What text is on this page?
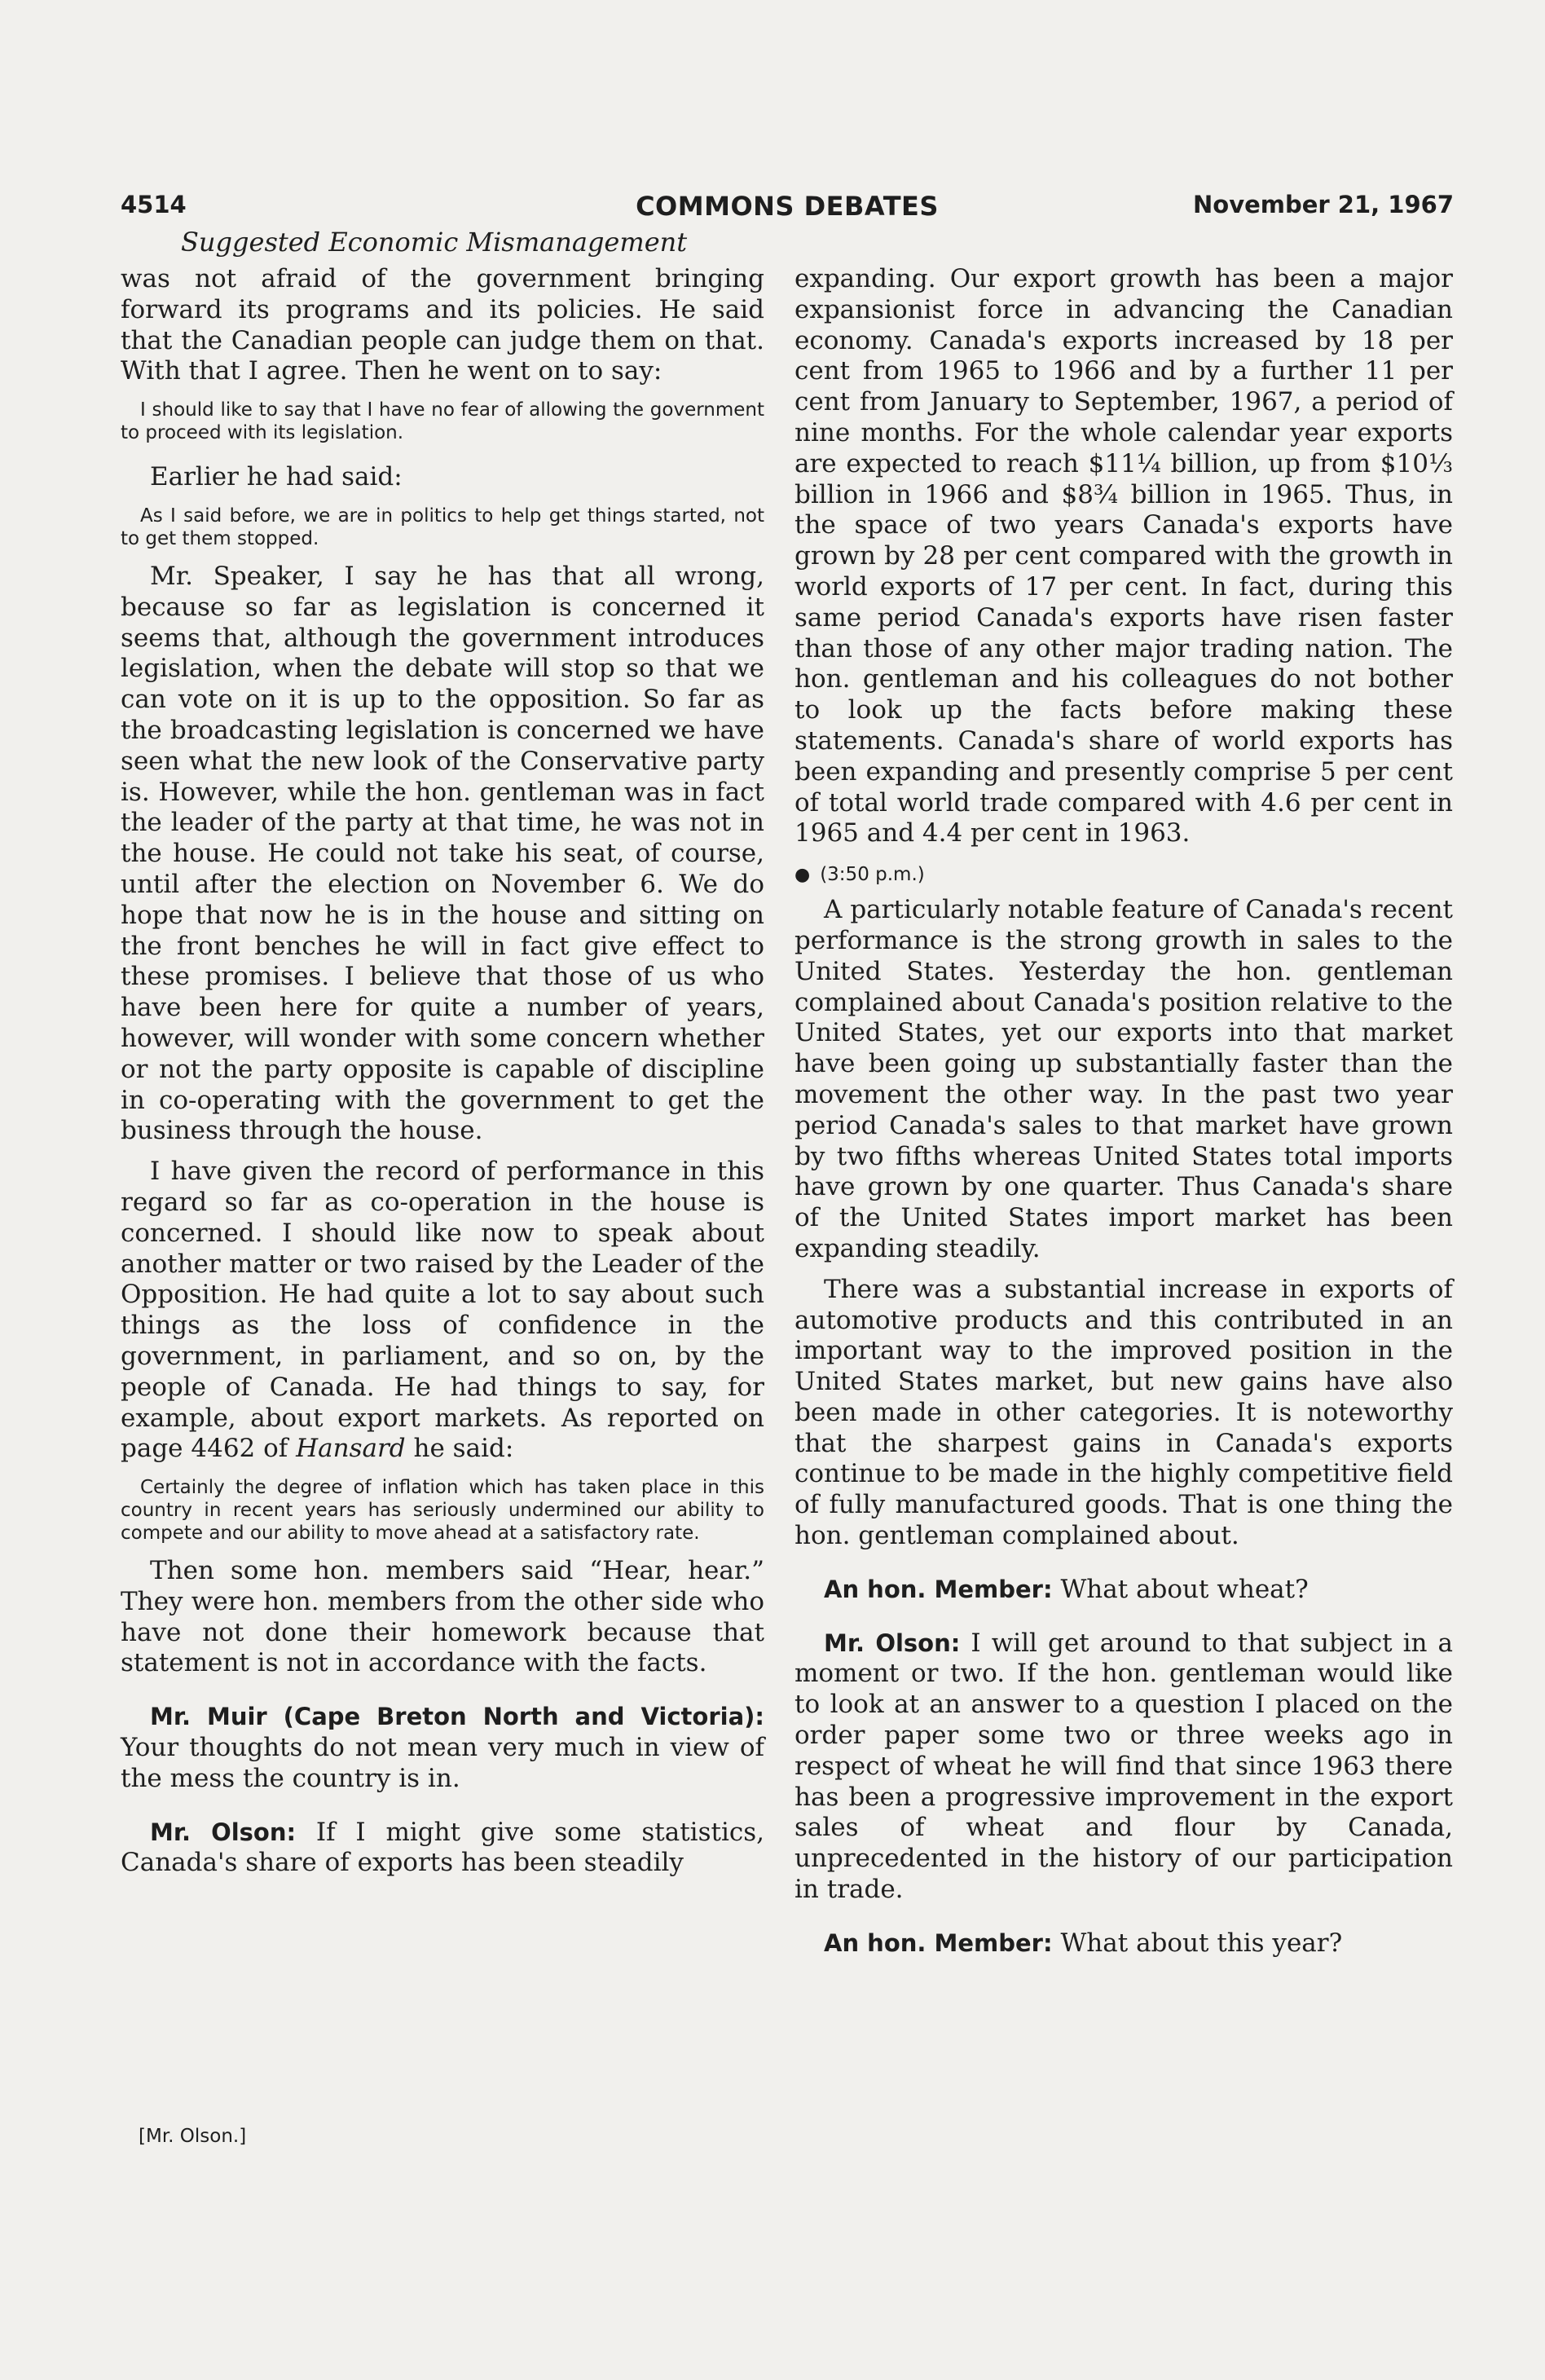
4514	COMMONS DEBATES	November 21, 1967
Suggested Economic Mismanagement

was not afraid of the government bringing forward its programs and its policies. He said that the Canadian people can judge them on that. With that I agree. Then he went on to say:

I should like to say that I have no fear of allowing the government to proceed with its legislation.

Earlier he had said:

As I said before, we are in politics to help get things started, not to get them stopped.

Mr. Speaker, I say he has that all wrong, because so far as legislation is concerned it seems that, although the government introduces legislation, when the debate will stop so that we can vote on it is up to the opposition. So far as the broadcasting legislation is concerned we have seen what the new look of the Conservative party is. However, while the hon. gentleman was in fact the leader of the party at that time, he was not in the house. He could not take his seat, of course, until after the election on November 6. We do hope that now he is in the house and sitting on the front benches he will in fact give effect to these promises. I believe that those of us who have been here for quite a number of years, however, will wonder with some concern whether or not the party opposite is capable of discipline in co-operating with the government to get the business through the house.

I have given the record of performance in this regard so far as co-operation in the house is concerned. I should like now to speak about another matter or two raised by the Leader of the Opposition. He had quite a lot to say about such things as the loss of confidence in the government, in parliament, and so on, by the people of Canada. He had things to say, for example, about export markets. As reported on page 4462 of Hansard he said:

Certainly the degree of inflation which has taken place in this country in recent years has seriously undermined our ability to compete and our ability to move ahead at a satisfactory rate.

Then some hon. members said “Hear, hear.” They were hon. members from the other side who have not done their homework because that statement is not in accordance with the facts.

Mr. Muir (Cape Breton North and Victoria): Your thoughts do not mean very much in view of the mess the country is in.

Mr. Olson: If I might give some statistics, Canada's share of exports has been steadily

expanding. Our export growth has been a major expansionist force in advancing the Canadian economy. Canada's exports increased by 18 per cent from 1965 to 1966 and by a further 11 per cent from January to September, 1967, a period of nine months. For the whole calendar year exports are expected to reach $11¼ billion, up from $10⅓ billion in 1966 and $8¾ billion in 1965. Thus, in the space of two years Canada's exports have grown by 28 per cent compared with the growth in world exports of 17 per cent. In fact, during this same period Canada's exports have risen faster than those of any other major trading nation. The hon. gentleman and his colleagues do not bother to look up the facts before making these statements. Canada's share of world exports has been expanding and presently comprise 5 per cent of total world trade compared with 4.6 per cent in 1965 and 4.4 per cent in 1963.

● (3:50 p.m.)

A particularly notable feature of Canada's recent performance is the strong growth in sales to the United States. Yesterday the hon. gentleman complained about Canada's position relative to the United States, yet our exports into that market have been going up substantially faster than the movement the other way. In the past two year period Canada's sales to that market have grown by two fifths whereas United States total imports have grown by one quarter. Thus Canada's share of the United States import market has been expanding steadily.

There was a substantial increase in exports of automotive products and this contributed in an important way to the improved position in the United States market, but new gains have also been made in other categories. It is noteworthy that the sharpest gains in Canada's exports continue to be made in the highly competitive field of fully manufactured goods. That is one thing the hon. gentleman complained about.

An hon. Member: What about wheat?

Mr. Olson: I will get around to that subject in a moment or two. If the hon. gentleman would like to look at an answer to a question I placed on the order paper some two or three weeks ago in respect of wheat he will find that since 1963 there has been a progressive improvement in the export sales of wheat and flour by Canada, unprecedented in the history of our participation in trade.

An hon. Member: What about this year?

[Mr. Olson.]
